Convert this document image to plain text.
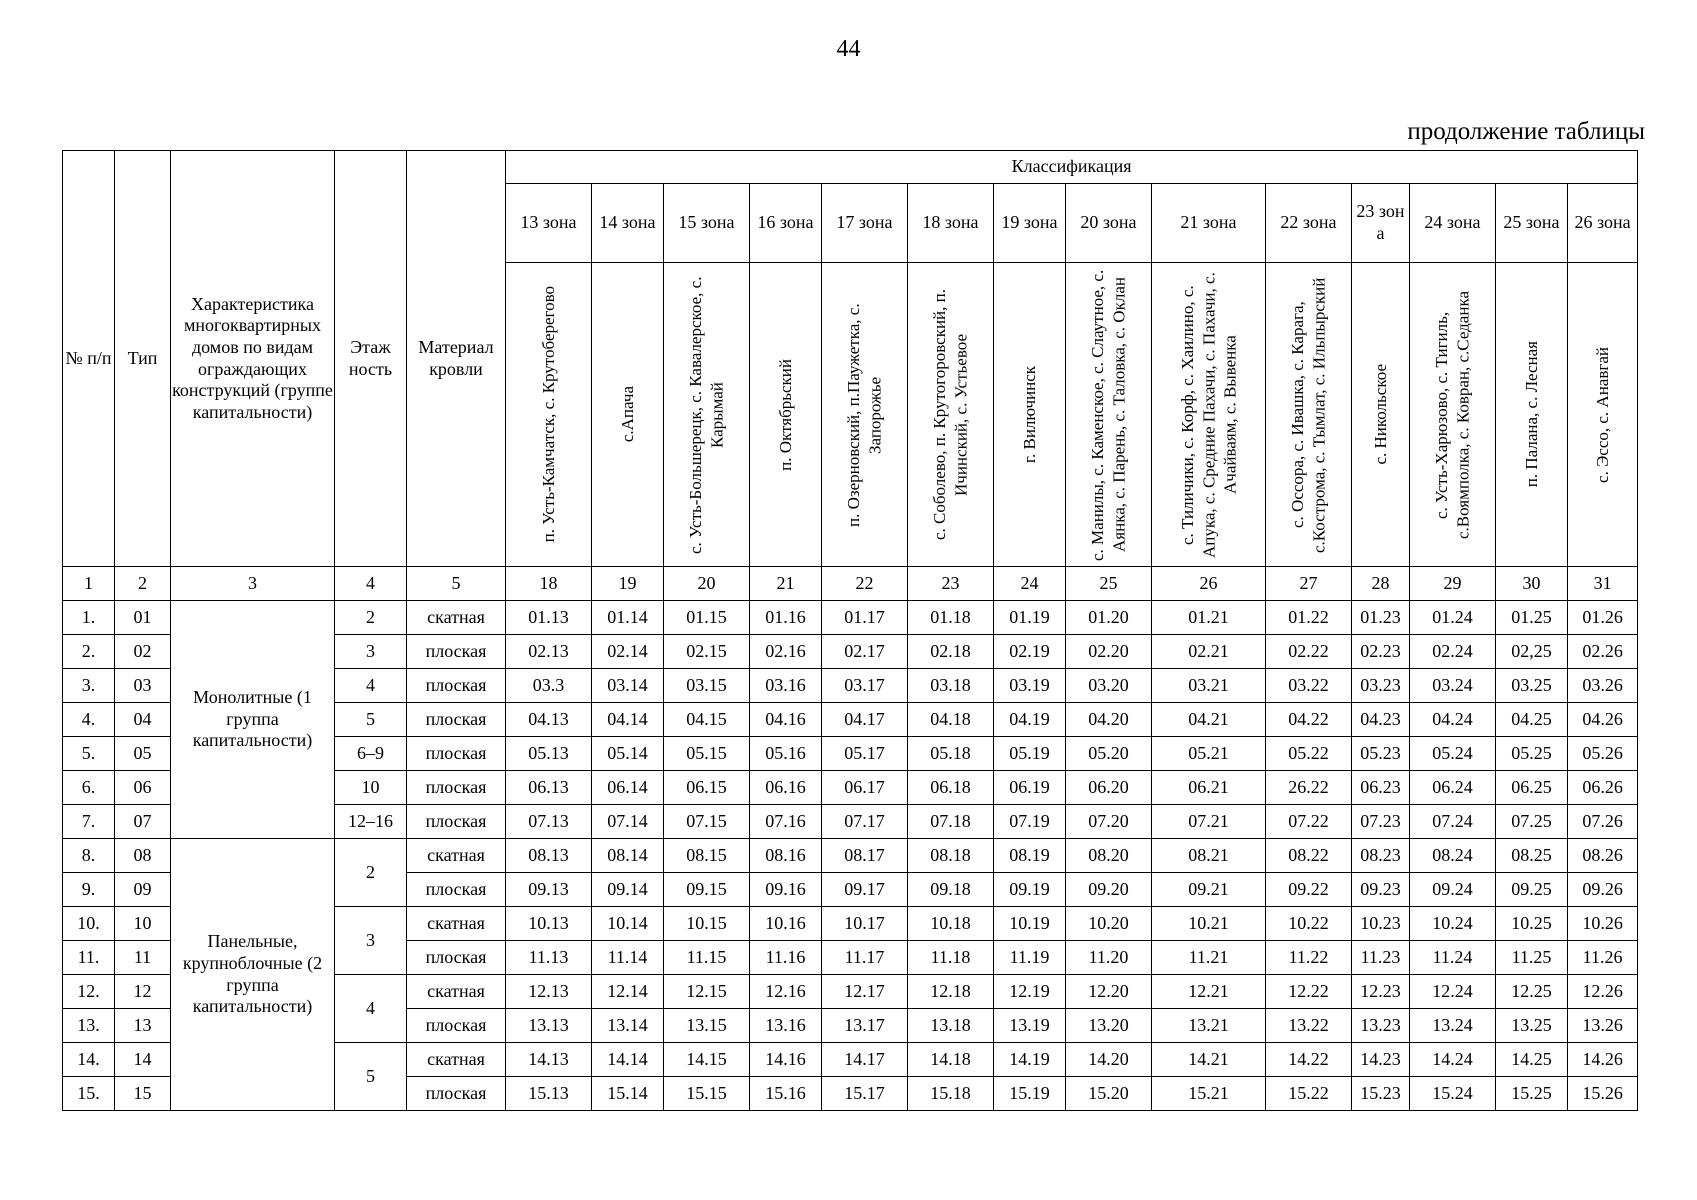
44
продолжение таблицы
№ п/п	Тип	Характеристика многоквартирных домов по видам ограждающих конструкций (группе капитальности)	Этаж ность	Материал кровли	Классификация													
					13 зона	14 зона	15 зона	16 зона	17 зона	18 зона	19 зона	20 зона	21 зона	22 зона	23 зон а	24 зона	25 зона	26 зона

					п. Усть-Камчатск, с. Крутоберегово	с.Апача	с. Усть-Большерецк, с. Кавалерское, с. Карымай	п. Октябрьский	п. Озерновский, п.Паужетка, с. Запорожье	с. Соболево, п. Крутогоровский, п. Ичинский, с. Устьевое	г. Вилючинск	с. Манилы, с. Каменское, с. Слаутное, с. Аянка, с. Парень, с. Таловка, с. Оклан	с. Тиличики, с. Корф, с. Хаилино, с. Апука, с. Средние Пахачи, с. Пахачи, с. Ачайваям, с. Вывенка	с. Оссора, с. Ивашка, с. Карага, с.Кострома, с. Тымлат, с. Ильпырский	с. Никольское	с. Усть-Харюзово, с. Тигиль, с.Воямполка, с. Ковран, с.Седанка	п. Палана, с. Лесная	с. Эссо, с. Анавгай

1	2	3	4	5	18	19	20	21	22	23	24	25	26	27	28	29	30	31
1.	01	Монолитные (1 группа капитальности)	2	скатная	01.13	01.14	01.15	01.16	01.17	01.18	01.19	01.20	01.21	01.22	01.23	01.24	01.25	01.26
2.	02		3	плоская	02.13	02.14	02.15	02.16	02.17	02.18	02.19	02.20	02.21	02.22	02.23	02.24	02,25	02.26
3.	03		4	плоская	03.3	03.14	03.15	03.16	03.17	03.18	03.19	03.20	03.21	03.22	03.23	03.24	03.25	03.26
4.	04		5	плоская	04.13	04.14	04.15	04.16	04.17	04.18	04.19	04.20	04.21	04.22	04.23	04.24	04.25	04.26
5.	05		6–9	плоская	05.13	05.14	05.15	05.16	05.17	05.18	05.19	05.20	05.21	05.22	05.23	05.24	05.25	05.26
6.	06		10	плоская	06.13	06.14	06.15	06.16	06.17	06.18	06.19	06.20	06.21	26.22	06.23	06.24	06.25	06.26
7.	07		12–16	плоская	07.13	07.14	07.15	07.16	07.17	07.18	07.19	07.20	07.21	07.22	07.23	07.24	07.25	07.26
8.	08	Панельные, крупноблочные (2 группа капитальности)	2	скатная	08.13	08.14	08.15	08.16	08.17	08.18	08.19	08.20	08.21	08.22	08.23	08.24	08.25	08.26
9.	09			плоская	09.13	09.14	09.15	09.16	09.17	09.18	09.19	09.20	09.21	09.22	09.23	09.24	09.25	09.26
10.	10		3	скатная	10.13	10.14	10.15	10.16	10.17	10.18	10.19	10.20	10.21	10.22	10.23	10.24	10.25	10.26
11.	11			плоская	11.13	11.14	11.15	11.16	11.17	11.18	11.19	11.20	11.21	11.22	11.23	11.24	11.25	11.26
12.	12		4	скатная	12.13	12.14	12.15	12.16	12.17	12.18	12.19	12.20	12.21	12.22	12.23	12.24	12.25	12.26
13.	13			плоская	13.13	13.14	13.15	13.16	13.17	13.18	13.19	13.20	13.21	13.22	13.23	13.24	13.25	13.26
14.	14		5	скатная	14.13	14.14	14.15	14.16	14.17	14.18	14.19	14.20	14.21	14.22	14.23	14.24	14.25	14.26
15.	15			плоская	15.13	15.14	15.15	15.16	15.17	15.18	15.19	15.20	15.21	15.22	15.23	15.24	15.25	15.26
